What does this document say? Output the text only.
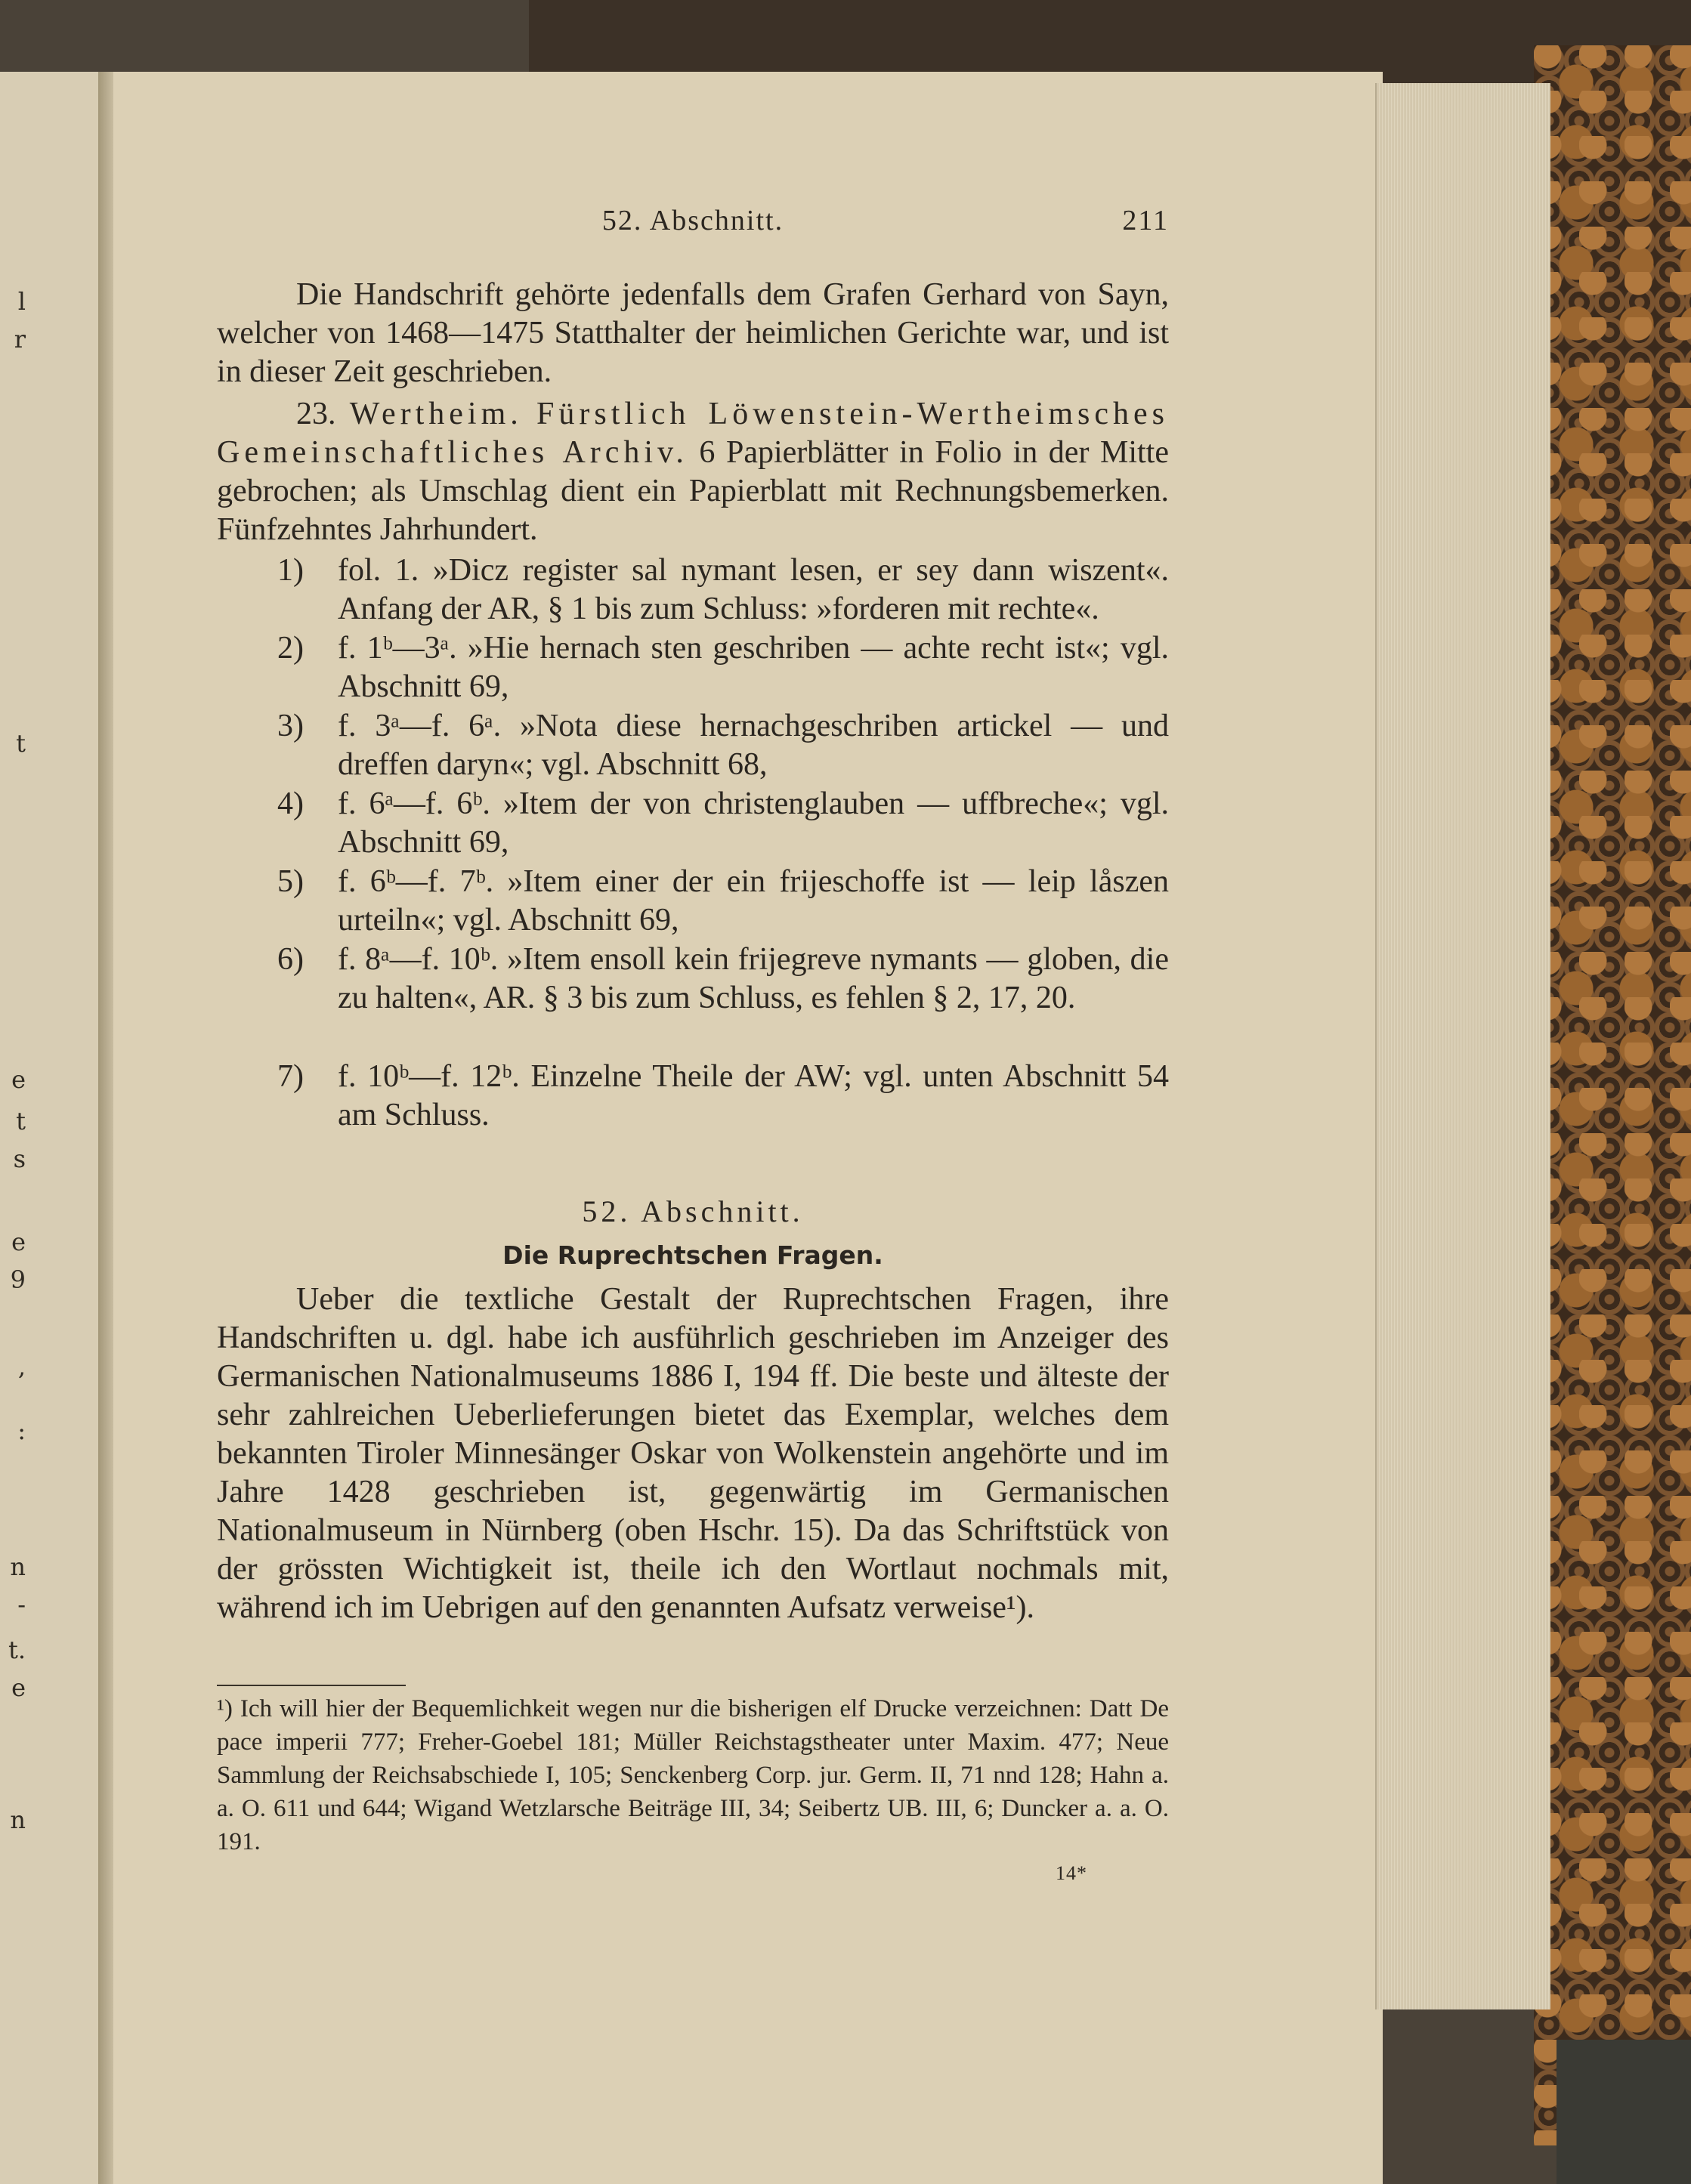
l
r
t
e
t
s
e
9
,
:
n
-
t.
e
n
52. Abschnitt.	211
Die Handschrift gehörte jedenfalls dem Grafen Gerhard von Sayn, welcher von 1468—1475 Statthalter der heimlichen Gerichte war, und ist in dieser Zeit geschrieben.
23. Wertheim. Fürstlich Löwenstein-Wertheimsches Gemeinschaftliches Archiv. 6 Papierblätter in Folio in der Mitte gebrochen; als Umschlag dient ein Papierblatt mit Rechnungsbemerken. Fünfzehntes Jahrhundert.
1)	fol. 1. »Dicz register sal nymant lesen, er sey dann wiszent«. Anfang der AR, § 1 bis zum Schluss: »forderen mit rechte«.
2)	f. 1ᵇ—3ᵃ. »Hie hernach sten geschriben — achte recht ist«; vgl. Abschnitt 69,
3)	f. 3ᵃ—f. 6ᵃ. »Nota diese hernachgeschriben artickel — und dreffen daryn«; vgl. Abschnitt 68,
4)	f. 6ᵃ—f. 6ᵇ. »Item der von christenglauben — uffbreche«; vgl. Abschnitt 69,
5)	f. 6ᵇ—f. 7ᵇ. »Item einer der ein frijeschoffe ist — leip låszen urteiln«; vgl. Abschnitt 69,
6)	f. 8ᵃ—f. 10ᵇ. »Item ensoll kein frijegreve nymants — globen, die zu halten«, AR. § 3 bis zum Schluss, es fehlen § 2, 17, 20.
7)	f. 10ᵇ—f. 12ᵇ. Einzelne Theile der AW; vgl. unten Abschnitt 54 am Schluss.
52. Abschnitt.
Die Ruprechtschen Fragen.
Ueber die textliche Gestalt der Ruprechtschen Fragen, ihre Handschriften u. dgl. habe ich ausführlich geschrieben im Anzeiger des Germanischen Nationalmuseums 1886 I, 194 ff. Die beste und älteste der sehr zahlreichen Ueberlieferungen bietet das Exemplar, welches dem bekannten Tiroler Minnesänger Oskar von Wolkenstein angehörte und im Jahre 1428 geschrieben ist, gegenwärtig im Germanischen Nationalmuseum in Nürnberg (oben Hschr. 15). Da das Schriftstück von der grössten Wichtigkeit ist, theile ich den Wortlaut nochmals mit, während ich im Uebrigen auf den genannten Aufsatz verweise¹).
¹) Ich will hier der Bequemlichkeit wegen nur die bisherigen elf Drucke verzeichnen: Datt De pace imperii 777; Freher-Goebel 181; Müller Reichstagstheater unter Maxim. 477; Neue Sammlung der Reichsabschiede I, 105; Senckenberg Corp. jur. Germ. II, 71 nnd 128; Hahn a. a. O. 611 und 644; Wigand Wetzlarsche Beiträge III, 34; Seibertz UB. III, 6; Duncker a. a. O. 191.
14*
